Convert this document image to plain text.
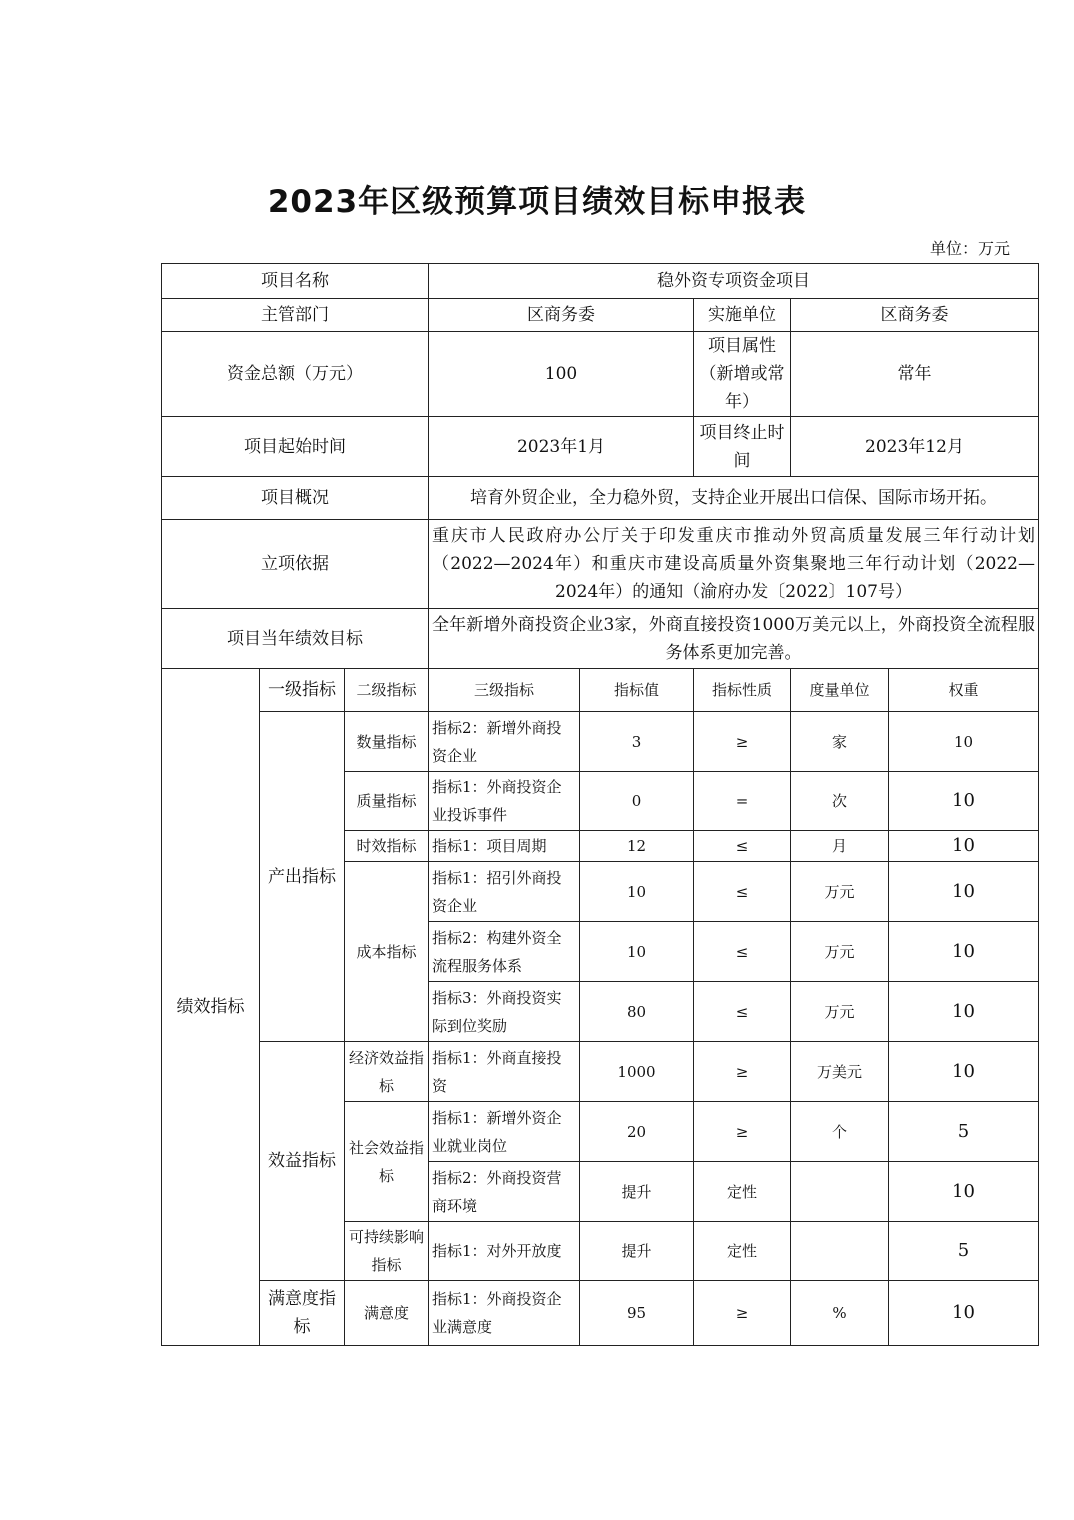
2023年区级预算项目绩效目标申报表
单位：万元
项目名称			稳外资专项资金项目				
主管部门			区商务委		实施单位	区商务委	
资金总额（万元）			100		项目属性（新增或常年）	常年	
项目起始时间			2023年1月		项目终止时间	2023年12月	
项目概况			培育外贸企业，全力稳外贸，支持企业开展出口信保、国际市场开拓。				
立项依据			重庆市人民政府办公厅关于印发重庆市推动外贸高质量发展三年行动计划（2022—2024年）和重庆市建设高质量外资集聚地三年行动计划（2022—2024年）的通知（渝府办发〔2022〕107号）				
项目当年绩效目标			全年新增外商投资企业3家，外商直接投资1000万美元以上，外商投资全流程服务体系更加完善。				
绩效指标	一级指标	二级指标	三级指标	指标值	指标性质	度量单位	权重
	产出指标	数量指标	指标2：新增外商投资企业	3	≥	家	10
		质量指标	指标1：外商投资企业投诉事件	0	=	次	10
		时效指标	指标1：项目周期	12	≤	月	10
		成本指标	指标1：招引外商投资企业	10	≤	万元	10
			指标2：构建外资全流程服务体系	10	≤	万元	10
			指标3：外商投资实际到位奖励	80	≤	万元	10
	效益指标	经济效益指标	指标1：外商直接投资	1000	≥	万美元	10
		社会效益指标	指标1：新增外资企业就业岗位	20	≥	个	5
			指标2：外商投资营商环境	提升	定性		10
		可持续影响指标	指标1：对外开放度	提升	定性		5
	满意度指标	满意度	指标1：外商投资企业满意度	95	≥	%	10
